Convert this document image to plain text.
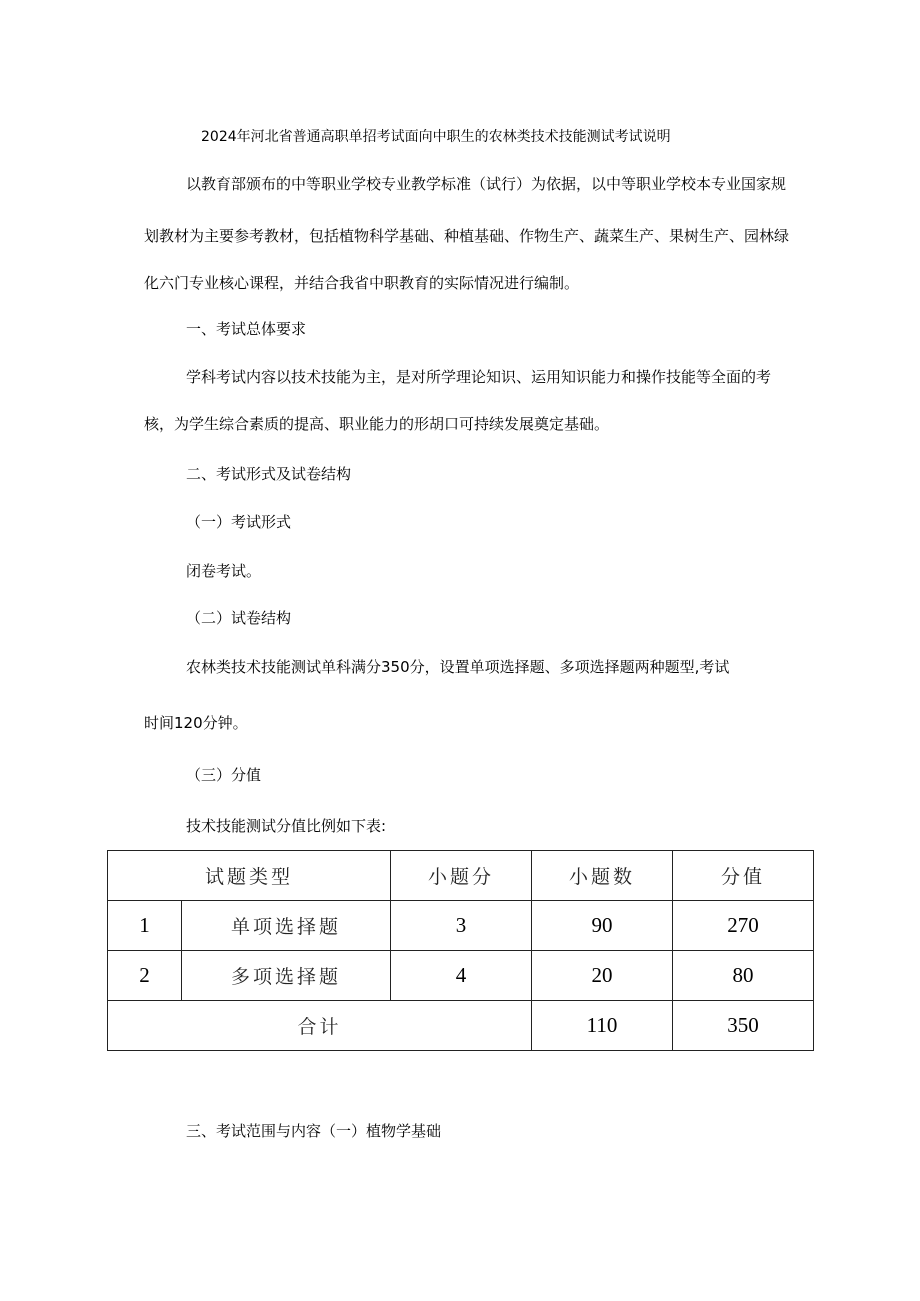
2024年河北省普通高职单招考试面向中职生的农林类技术技能测试考试说明
以教育部颁布的中等职业学校专业教学标准（试行）为依据，以中等职业学校本专业国家规
划教材为主要参考教材，包括植物科学基础、种植基础、作物生产、蔬菜生产、果树生产、园林绿
化六门专业核心课程，并结合我省中职教育的实际情况进行编制。
一、考试总体要求
学科考试内容以技术技能为主，是对所学理论知识、运用知识能力和操作技能等全面的考
核，为学生综合素质的提高、职业能力的形胡口可持续发展奠定基础。
二、考试形式及试卷结构
（一）考试形式
闭卷考试。
（二）试卷结构
农林类技术技能测试单科满分350分，设置单项选择题、多项选择题两种题型,考试
时间120分钟。
（三）分值
技术技能测试分值比例如下表:
试题类型		小题分	小题数	分值
1	单项选择题	3	90	270
2	多项选择题	4	20	80
合计			110	350
三、考试范围与内容（一）植物学基础
